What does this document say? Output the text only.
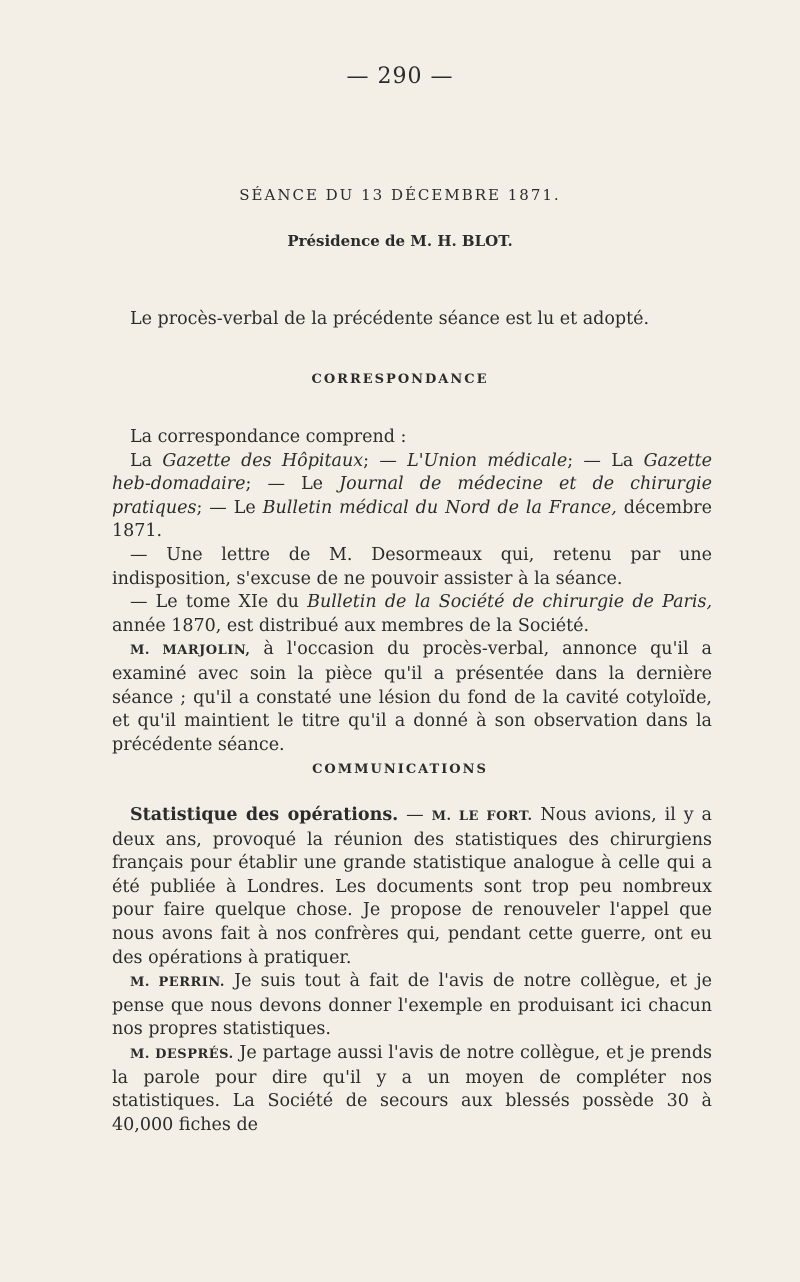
— 290 —
SÉANCE DU 13 DÉCEMBRE 1871.
Présidence de M. H. BLOT.

Le procès-verbal de la précédente séance est lu et adopté.

CORRESPONDANCE

La correspondance comprend :

La Gazette des Hôpitaux; — L'Union médicale; — La Gazette heb-domadaire; — Le Journal de médecine et de chirurgie pratiques; — Le Bulletin médical du Nord de la France, décembre 1871.

— Une lettre de M. Desormeaux qui, retenu par une indisposition, s'excuse de ne pouvoir assister à la séance.

— Le tome XIe du Bulletin de la Société de chirurgie de Paris, année 1870, est distribué aux membres de la Société.

M. MARJOLIN, à l'occasion du procès-verbal, annonce qu'il a examiné avec soin la pièce qu'il a présentée dans la dernière séance ; qu'il a constaté une lésion du fond de la cavité cotyloïde, et qu'il maintient le titre qu'il a donné à son observation dans la précédente séance.

COMMUNICATIONS

Statistique des opérations. — M. LE FORT. Nous avions, il y a deux ans, provoqué la réunion des statistiques des chirurgiens français pour établir une grande statistique analogue à celle qui a été publiée à Londres. Les documents sont trop peu nombreux pour faire quelque chose. Je propose de renouveler l'appel que nous avons fait à nos confrères qui, pendant cette guerre, ont eu des opérations à pratiquer.

M. PERRIN. Je suis tout à fait de l'avis de notre collègue, et je pense que nous devons donner l'exemple en produisant ici chacun nos propres statistiques.

M. DESPRÉS. Je partage aussi l'avis de notre collègue, et je prends la parole pour dire qu'il y a un moyen de compléter nos statistiques. La Société de secours aux blessés possède 30 à 40,000 fiches de
